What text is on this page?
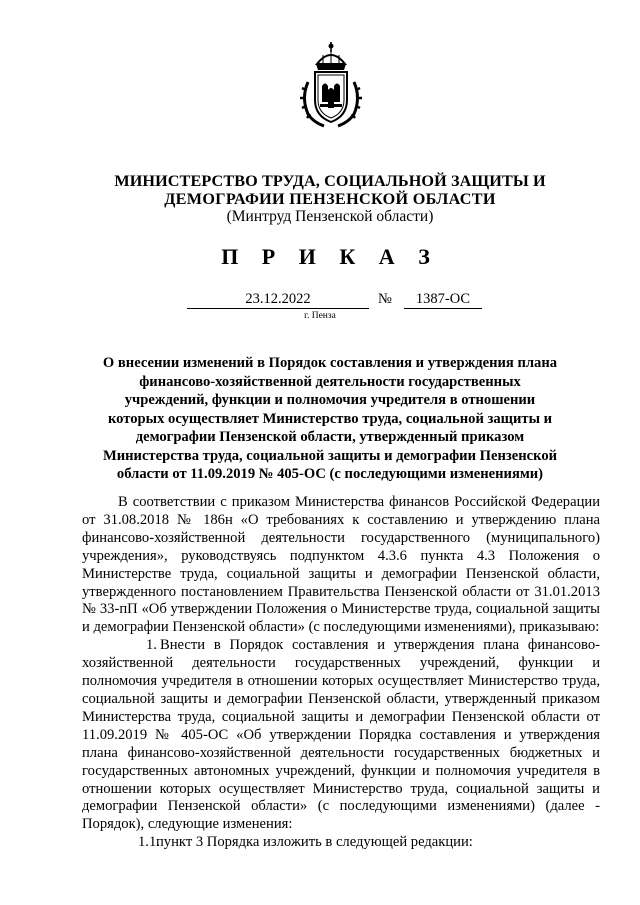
МИНИСТЕРСТВО ТРУДА, СОЦИАЛЬНОЙ ЗАЩИТЫ И
ДЕМОГРАФИИ ПЕНЗЕНСКОЙ ОБЛАСТИ
(Минтруд Пензенской области)
П Р И К А З
23.12.2022	№	1387-ОС
г. Пенза
О внесении изменений в Порядок составления и утверждения плана финансово-хозяйственной деятельности государственных учреждений, функции и полномочия учредителя в отношении которых осуществляет Министерство труда, социальной защиты и демографии Пензенской области, утвержденный приказом Министерства труда, социальной защиты и демографии Пензенской области от 11.09.2019 № 405-ОС (с последующими изменениями)

В соответствии с приказом Министерства финансов Российской Федерации от 31.08.2018 № 186н «О требованиях к составлению и утверждению плана финансово-хозяйственной деятельности государственного (муниципального) учреждения», руководствуясь подпунктом 4.3.6 пункта 4.3 Положения о Министерстве труда, социальной защиты и демографии Пензенской области, утвержденного постановлением Правительства Пензенской области от 31.01.2013 № 33-пП «Об утверждении Положения о Министерстве труда, социальной защиты и демографии Пензенской области» (с последующими изменениями), приказываю:

1. Внести в Порядок составления и утверждения плана финансово-хозяйственной деятельности государственных учреждений, функции и полномочия учредителя в отношении которых осуществляет Министерство труда, социальной защиты и демографии Пензенской области, утвержденный приказом Министерства труда, социальной защиты и демографии Пензенской области от 11.09.2019 № 405-ОС «Об утверждении Порядка составления и утверждения плана финансово-хозяйственной деятельности государственных бюджетных и государственных автономных учреждений, функции и полномочия учредителя в отношении которых осуществляет Министерство труда, социальной защиты и демографии Пензенской области» (с последующими изменениями) (далее - Порядок), следующие изменения:

1.1.пункт 3 Порядка изложить в следующей редакции:
